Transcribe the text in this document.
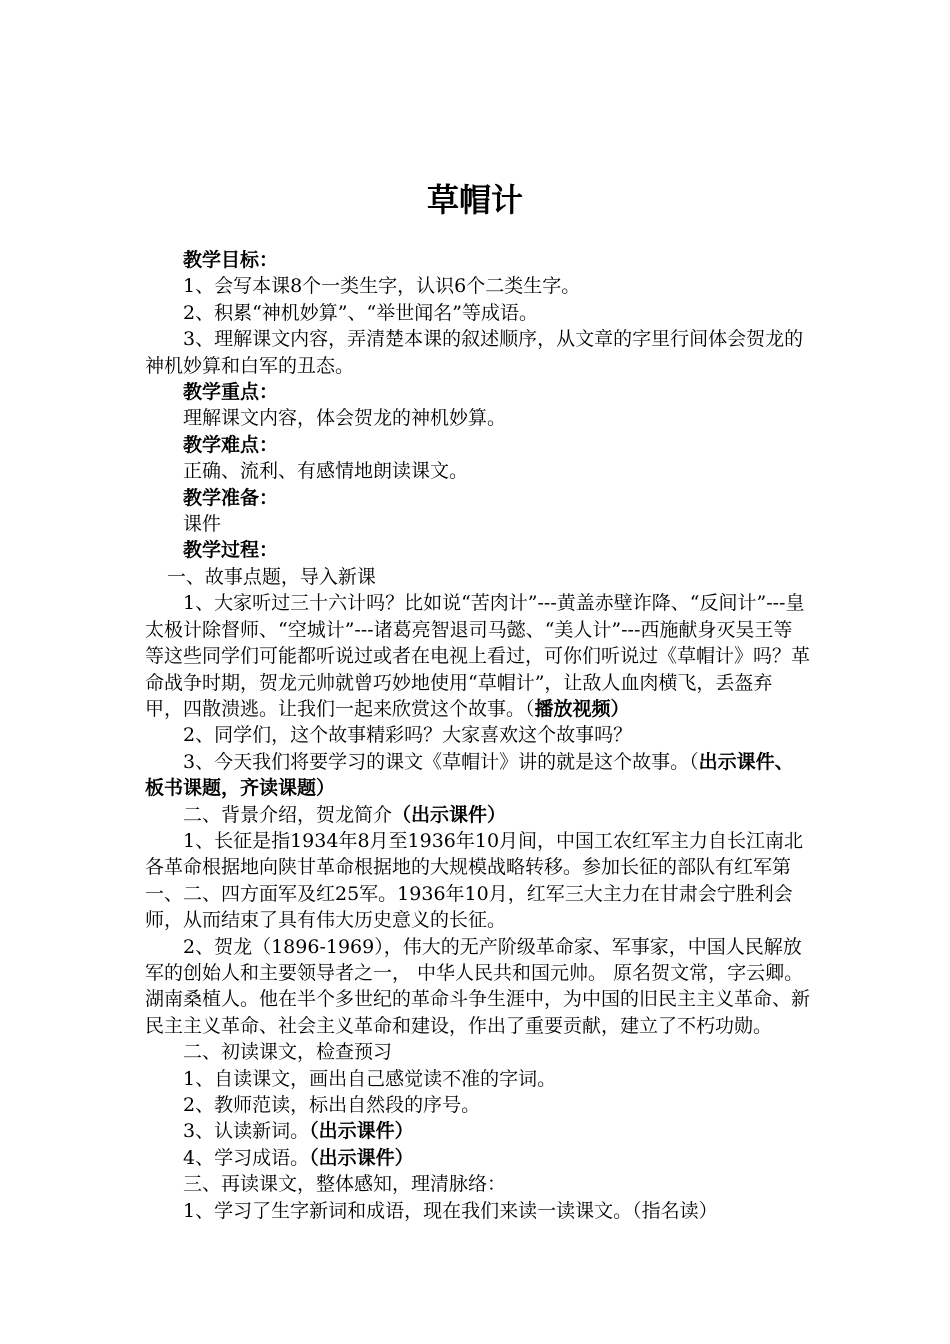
草帽计

教学目标：

1、会写本课8个一类生字，认识6个二类生字。

2、积累“神机妙算”、“举世闻名”等成语。

3、理解课文内容，弄清楚本课的叙述顺序，从文章的字里行间体会贺龙的神机妙算和白军的丑态。

教学重点：

理解课文内容，体会贺龙的神机妙算。

教学难点：

正确、流利、有感情地朗读课文。

教学准备：

课件

教学过程：

一、故事点题，导入新课

1、大家听过三十六计吗？比如说“苦肉计”---黄盖赤壁诈降、“反间计”---皇太极计除督师、“空城计”---诸葛亮智退司马懿、“美人计”---西施献身灭吴王等等这些同学们可能都听说过或者在电视上看过，可你们听说过《草帽计》吗？革命战争时期，贺龙元帅就曾巧妙地使用“草帽计”，让敌人血肉横飞，丢盔弃甲，四散溃逃。让我们一起来欣赏这个故事。（播放视频）

2、同学们，这个故事精彩吗？大家喜欢这个故事吗？

3、今天我们将要学习的课文《草帽计》讲的就是这个故事。（出示课件、板书课题，齐读课题）

二、背景介绍，贺龙简介（出示课件）

1、长征是指1934年8月至1936年10月间，中国工农红军主力自长江南北各革命根据地向陕甘革命根据地的大规模战略转移。参加长征的部队有红军第一、二、四方面军及红25军。1936年10月，红军三大主力在甘肃会宁胜利会师，从而结束了具有伟大历史意义的长征。

2、贺龙（1896-1969），伟大的无产阶级革命家、军事家，中国人民解放军的创始人和主要领导者之一， 中华人民共和国元帅。 原名贺文常，字云卿。湖南桑植人。他在半个多世纪的革命斗争生涯中，为中国的旧民主主义革命、新民主主义革命、社会主义革命和建设，作出了重要贡献，建立了不朽功勋。

二、初读课文，检查预习

1、自读课文，画出自己感觉读不准的字词。

2、教师范读，标出自然段的序号。

3、认读新词。（出示课件）

4、学习成语。（出示课件）

三、再读课文，整体感知，理清脉络：

1、学习了生字新词和成语，现在我们来读一读课文。（指名读）
